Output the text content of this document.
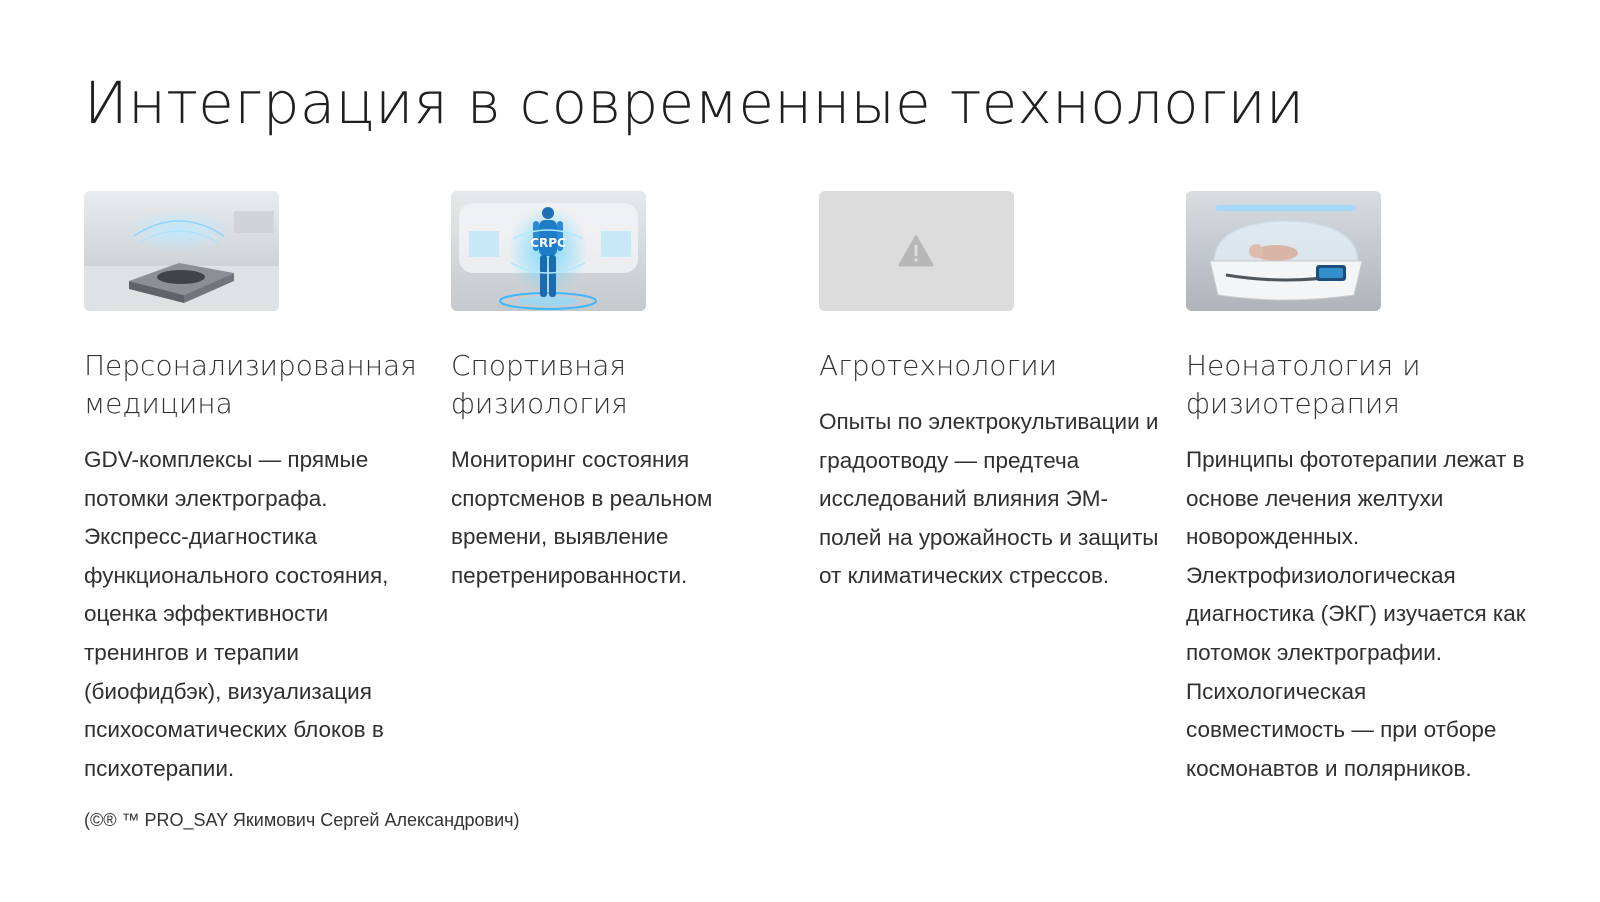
Интеграция в современные технологии
Персонализированная медицина
GDV-комплексы — прямые потомки электрографа. Экспресс-диагностика функционального состояния, оценка эффективности тренингов и терапии (биофидбэк), визуализация психосоматических блоков в психотерапии.
CRPC
Спортивная физиология
Мониторинг состояния спортсменов в реальном времени, выявление перетренированности.
Агротехнологии
Опыты по электрокультивации и градоотводу — предтеча исследований влияния ЭМ-полей на урожайность и защиты от климатических стрессов.
Неонатология и физиотерапия
Принципы фототерапии лежат в основе лечения желтухи новорожденных. Электрофизиологическая диагностика (ЭКГ) изучается как потомок электрографии. Психологическая совместимость — при отборе космонавтов и полярников.
(©® ™ PRO_SAY Якимович Сергей Александрович)
